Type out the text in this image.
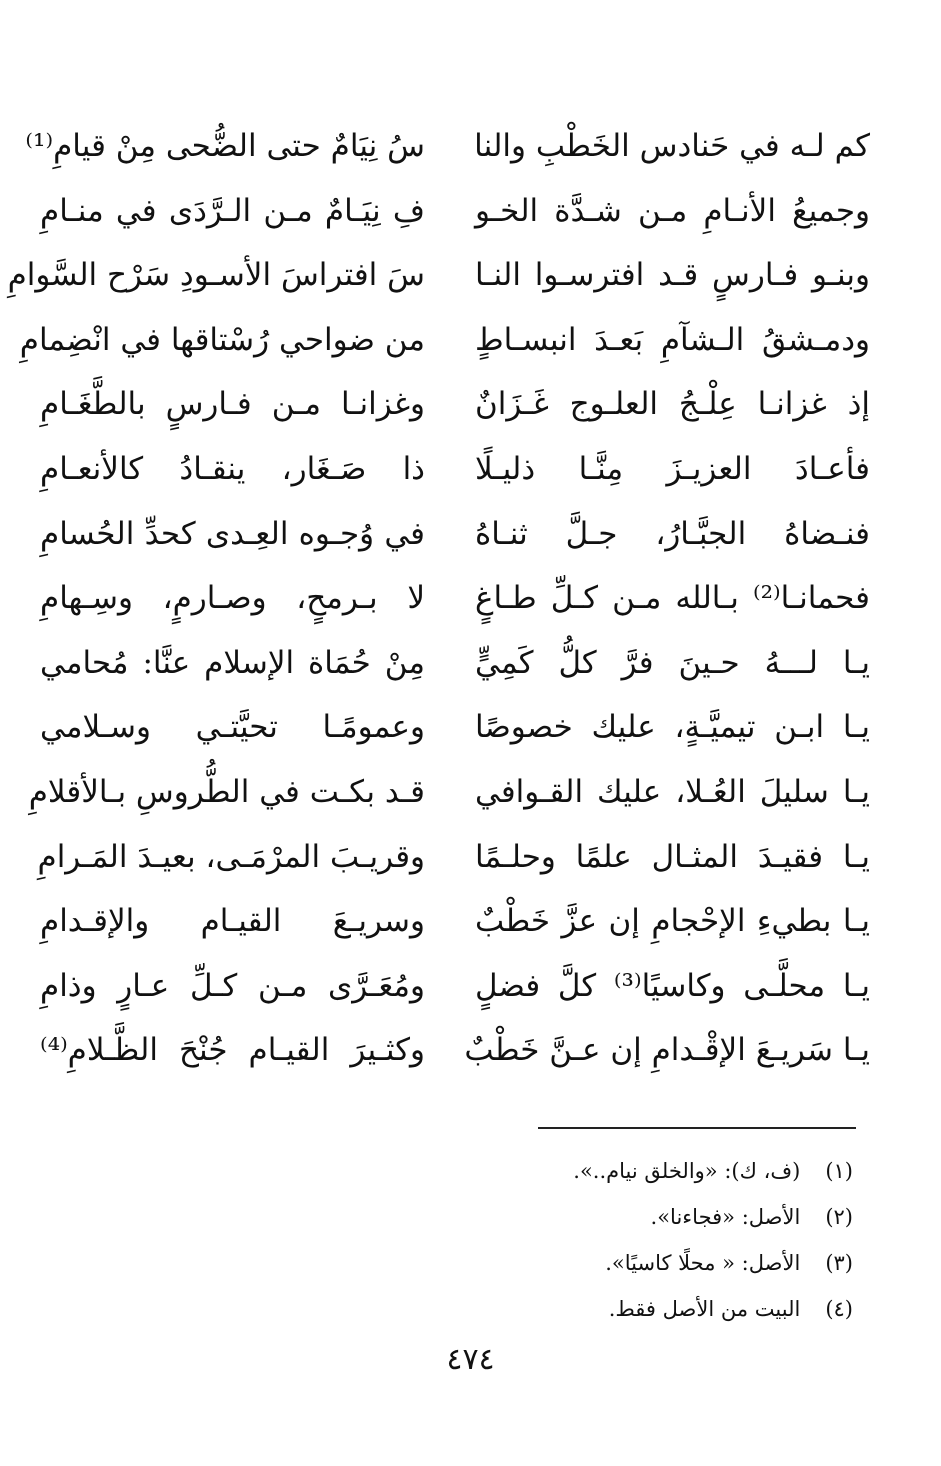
كم لـه في حَنادس الخَطْبِ والنا
سُ نِيَامٌ حتى الضُّحى مِنْ قيامِ⁽¹⁾
وجميعُ الأنـامِ مـن شـدَّة الخـو
فِ نِيَـامٌ مـن الـرَّدَى في منـامِ
وبنـو فـارسٍ قـد افترسـوا النـا
سَ افتراسَ الأسـودِ سَرْح السَّوامِ
ودمـشقُ الـشآمِ بَعـدَ انبسـاطٍ
من ضواحي رُسْتاقها في انْضِمامِ
إذ غزانـا عِلْـجُ العلـوج غَـزَانٌ
وغزانـا مـن فـارسٍ بالطَّغَـامِ
فأعـادَ العزيـزَ مِنَّـا ذليـلًا
ذا صَـغَار، ينقـادُ كالأنعـامِ
فنـضاهُ الجبَّـارُ، جـلَّ ثنـاهُ
في وُجـوه العِـدى كحدِّ الحُسامِ
فحمانـا⁽²⁾ بـالله مـن كـلِّ طـاغٍ
لا بـرمحٍ، وصـارمٍ، وسِـهامِ
يـا لـــهُ حـينَ فرَّ كلُّ كَمِيٍّ
مِنْ حُمَاة الإسلام عنَّا: مُحامي
يـا ابـن تيميَّـةٍ، عليك خصوصًا
وعمومًـا تحيَّتـي وسـلامي
يـا سليلَ العُـلا، عليك القـوافي
قـد بكـت في الطُّروسِ بـالأقلامِ
يـا فقيـدَ المثـال علمًا وحلـمًا
وقريـبَ المرْمَـى، بعيـدَ المَـرامِ
يـا بطيءِ الإحْجامِ إن عزَّ خَطْبٌ
وسريـعَ القيـام والإقـدامِ
يـا محلَّـى وكاسيًا⁽³⁾ كلَّ فضلٍ
ومُعَـرَّى مـن كـلِّ عـارٍ وذامِ
يـا سَريـعَ الإقْـدامِ إن عـنَّ خَطْبٌ
وكثـيرَ القيـام جُنْحَ الظَّـلامِ⁽⁴⁾
(١) (ف، ك): «والخلق نيام..».
(٢) الأصل: «فجاءنا».
(٣) الأصل: « محلًا كاسيًا».
(٤) البيت من الأصل فقط.
٤٧٤
